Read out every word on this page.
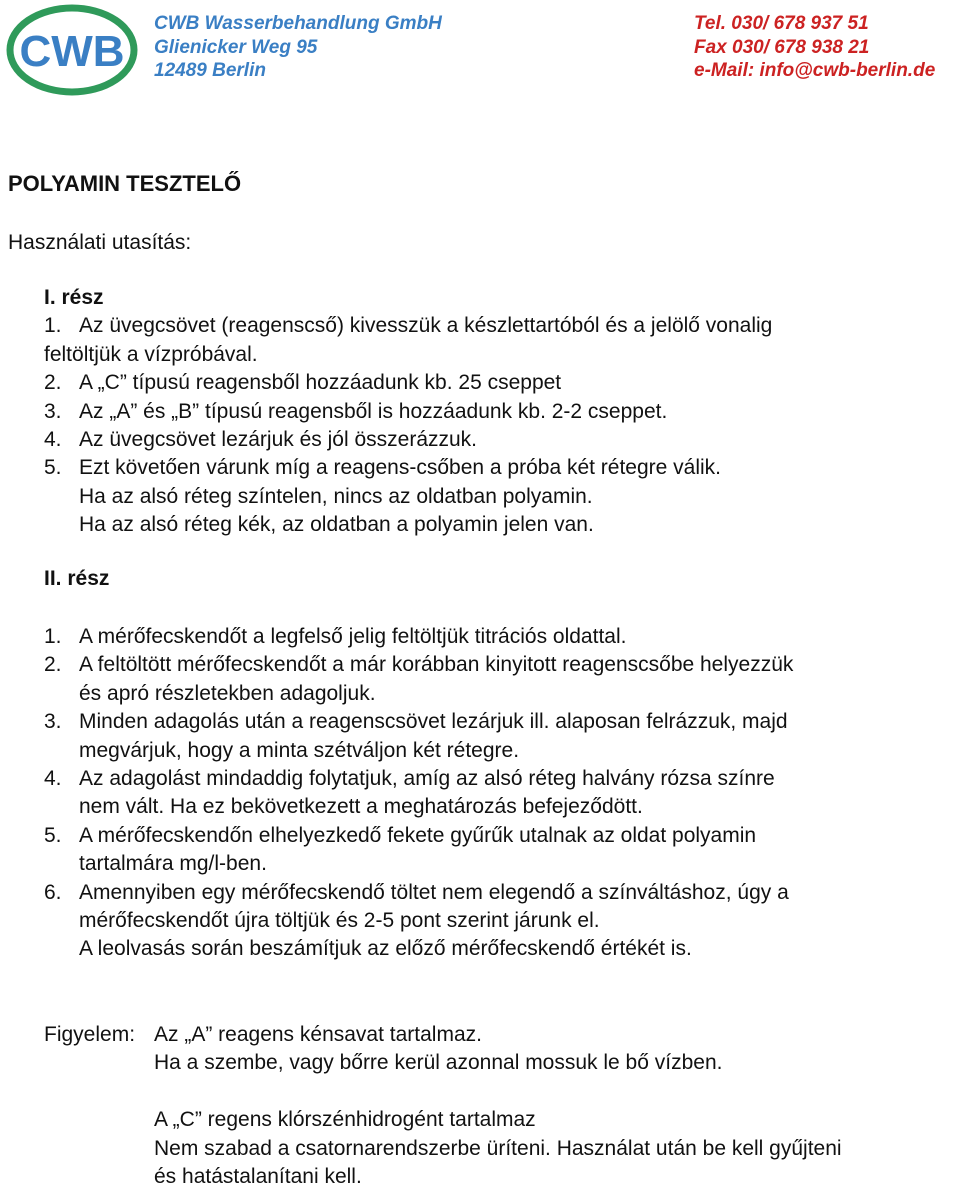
CWB
CWB Wasserbehandlung GmbH
Glienicker Weg 95
12489 Berlin
Tel. 030/ 678 937 51
Fax 030/ 678 938 21
e-Mail: info@cwb-berlin.de
POLYAMIN TESZTELŐ
Használati utasítás:
I. rész
1. Az üvegcsövet (reagenscső) kivesszük a készlettartóból és a jelölő vonalig
feltöltjük a vízpróbával.
2. A „C” típusú reagensből hozzáadunk kb. 25 cseppet
3. Az „A” és „B” típusú reagensből is hozzáadunk kb. 2-2 cseppet.
4. Az üvegcsövet lezárjuk és jól összerázzuk.
5. Ezt követően várunk míg a reagens-csőben a próba két rétegre válik.
Ha az alsó réteg színtelen, nincs az oldatban polyamin.
Ha az alsó réteg kék, az oldatban a polyamin jelen van.
II. rész
1. A mérőfecskendőt a legfelső jelig feltöltjük titrációs oldattal.
2. A feltöltött mérőfecskendőt a már korábban kinyitott reagenscsőbe helyezzük
és apró részletekben adagoljuk.
3. Minden adagolás után a reagenscsövet lezárjuk ill. alaposan felrázzuk, majd
megvárjuk, hogy a minta szétváljon két rétegre.
4. Az adagolást mindaddig folytatjuk, amíg az alsó réteg halvány rózsa színre
nem vált. Ha ez bekövetkezett a meghatározás befejeződött.
5. A mérőfecskendőn elhelyezkedő fekete gyűrűk utalnak az oldat polyamin
tartalmára mg/l-ben.
6. Amennyiben egy mérőfecskendő töltet nem elegendő a színváltáshoz, úgy a
mérőfecskendőt újra töltjük és 2-5 pont szerint járunk el.
A leolvasás során beszámítjuk az előző mérőfecskendő értékét is.
Figyelem: Az „A” reagens kénsavat tartalmaz.
Ha a szembe, vagy bőrre kerül azonnal mossuk le bő vízben.
A „C” regens klórszénhidrogént tartalmaz
Nem szabad a csatornarendszerbe üríteni. Használat után be kell gyűjteni
és hatástalanítani kell.
